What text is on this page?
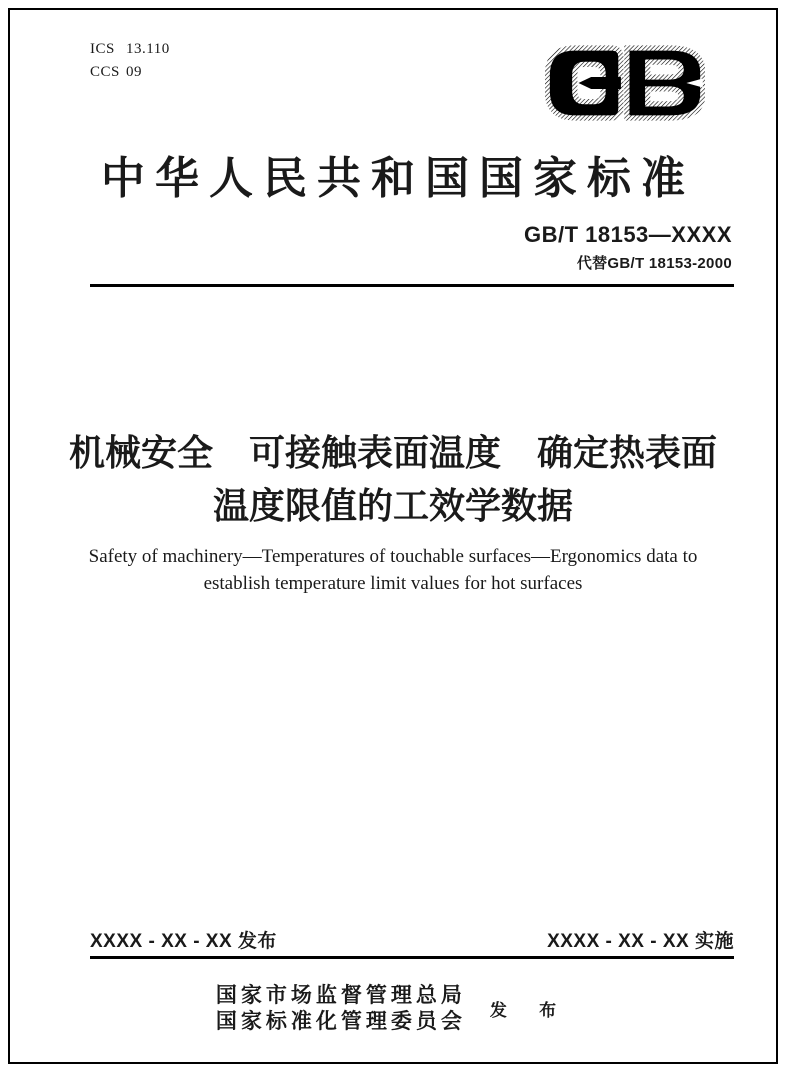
ICS 13.110
CCS 09
中华人民共和国国家标准
GB/T 18153—XXXX
代替GB/T 18153-2000
机械安全　可接触表面温度　确定热表面
温度限值的工效学数据
Safety of machinery—Temperatures of touchable surfaces—Ergonomics data to
establish temperature limit values for hot surfaces
XXXX - XX - XX 发布	XXXX - XX - XX 实施
国家市场监督管理总局
国家标准化管理委员会	发 布
